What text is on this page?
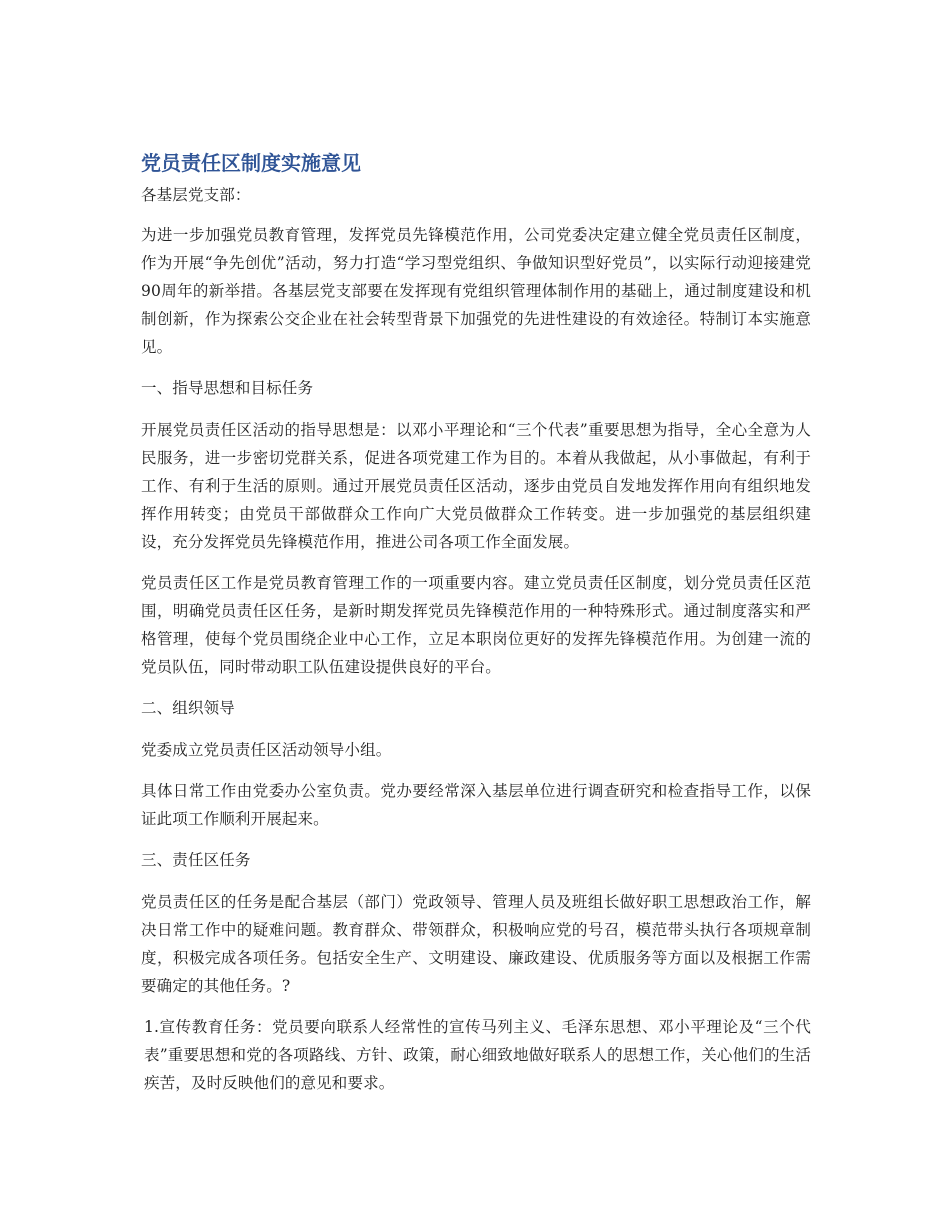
党员责任区制度实施意见

各基层党支部：

为进一步加强党员教育管理，发挥党员先锋模范作用，公司党委决定建立健全党员责任区制度，作为开展“争先创优”活动，努力打造“学习型党组织、争做知识型好党员”，以实际行动迎接建党90周年的新举措。各基层党支部要在发挥现有党组织管理体制作用的基础上，通过制度建设和机制创新，作为探索公交企业在社会转型背景下加强党的先进性建设的有效途径。特制订本实施意见。

一、指导思想和目标任务

开展党员责任区活动的指导思想是：以邓小平理论和“三个代表”重要思想为指导，全心全意为人民服务，进一步密切党群关系，促进各项党建工作为目的。本着从我做起，从小事做起，有利于工作、有利于生活的原则。通过开展党员责任区活动，逐步由党员自发地发挥作用向有组织地发挥作用转变；由党员干部做群众工作向广大党员做群众工作转变。进一步加强党的基层组织建设，充分发挥党员先锋模范作用，推进公司各项工作全面发展。

党员责任区工作是党员教育管理工作的一项重要内容。建立党员责任区制度，划分党员责任区范围，明确党员责任区任务，是新时期发挥党员先锋模范作用的一种特殊形式。通过制度落实和严格管理，使每个党员围绕企业中心工作，立足本职岗位更好的发挥先锋模范作用。为创建一流的党员队伍，同时带动职工队伍建设提供良好的平台。

二、组织领导

党委成立党员责任区活动领导小组。

具体日常工作由党委办公室负责。党办要经常深入基层单位进行调查研究和检查指导工作，以保证此项工作顺利开展起来。

三、责任区任务

党员责任区的任务是配合基层（部门）党政领导、管理人员及班组长做好职工思想政治工作，解决日常工作中的疑难问题。教育群众、带领群众，积极响应党的号召，模范带头执行各项规章制度，积极完成各项任务。包括安全生产、文明建设、廉政建设、优质服务等方面以及根据工作需要确定的其他任务。?

1.宣传教育任务：党员要向联系人经常性的宣传马列主义、毛泽东思想、邓小平理论及“三个代表”重要思想和党的各项路线、方针、政策，耐心细致地做好联系人的思想工作，关心他们的生活疾苦，及时反映他们的意见和要求。
